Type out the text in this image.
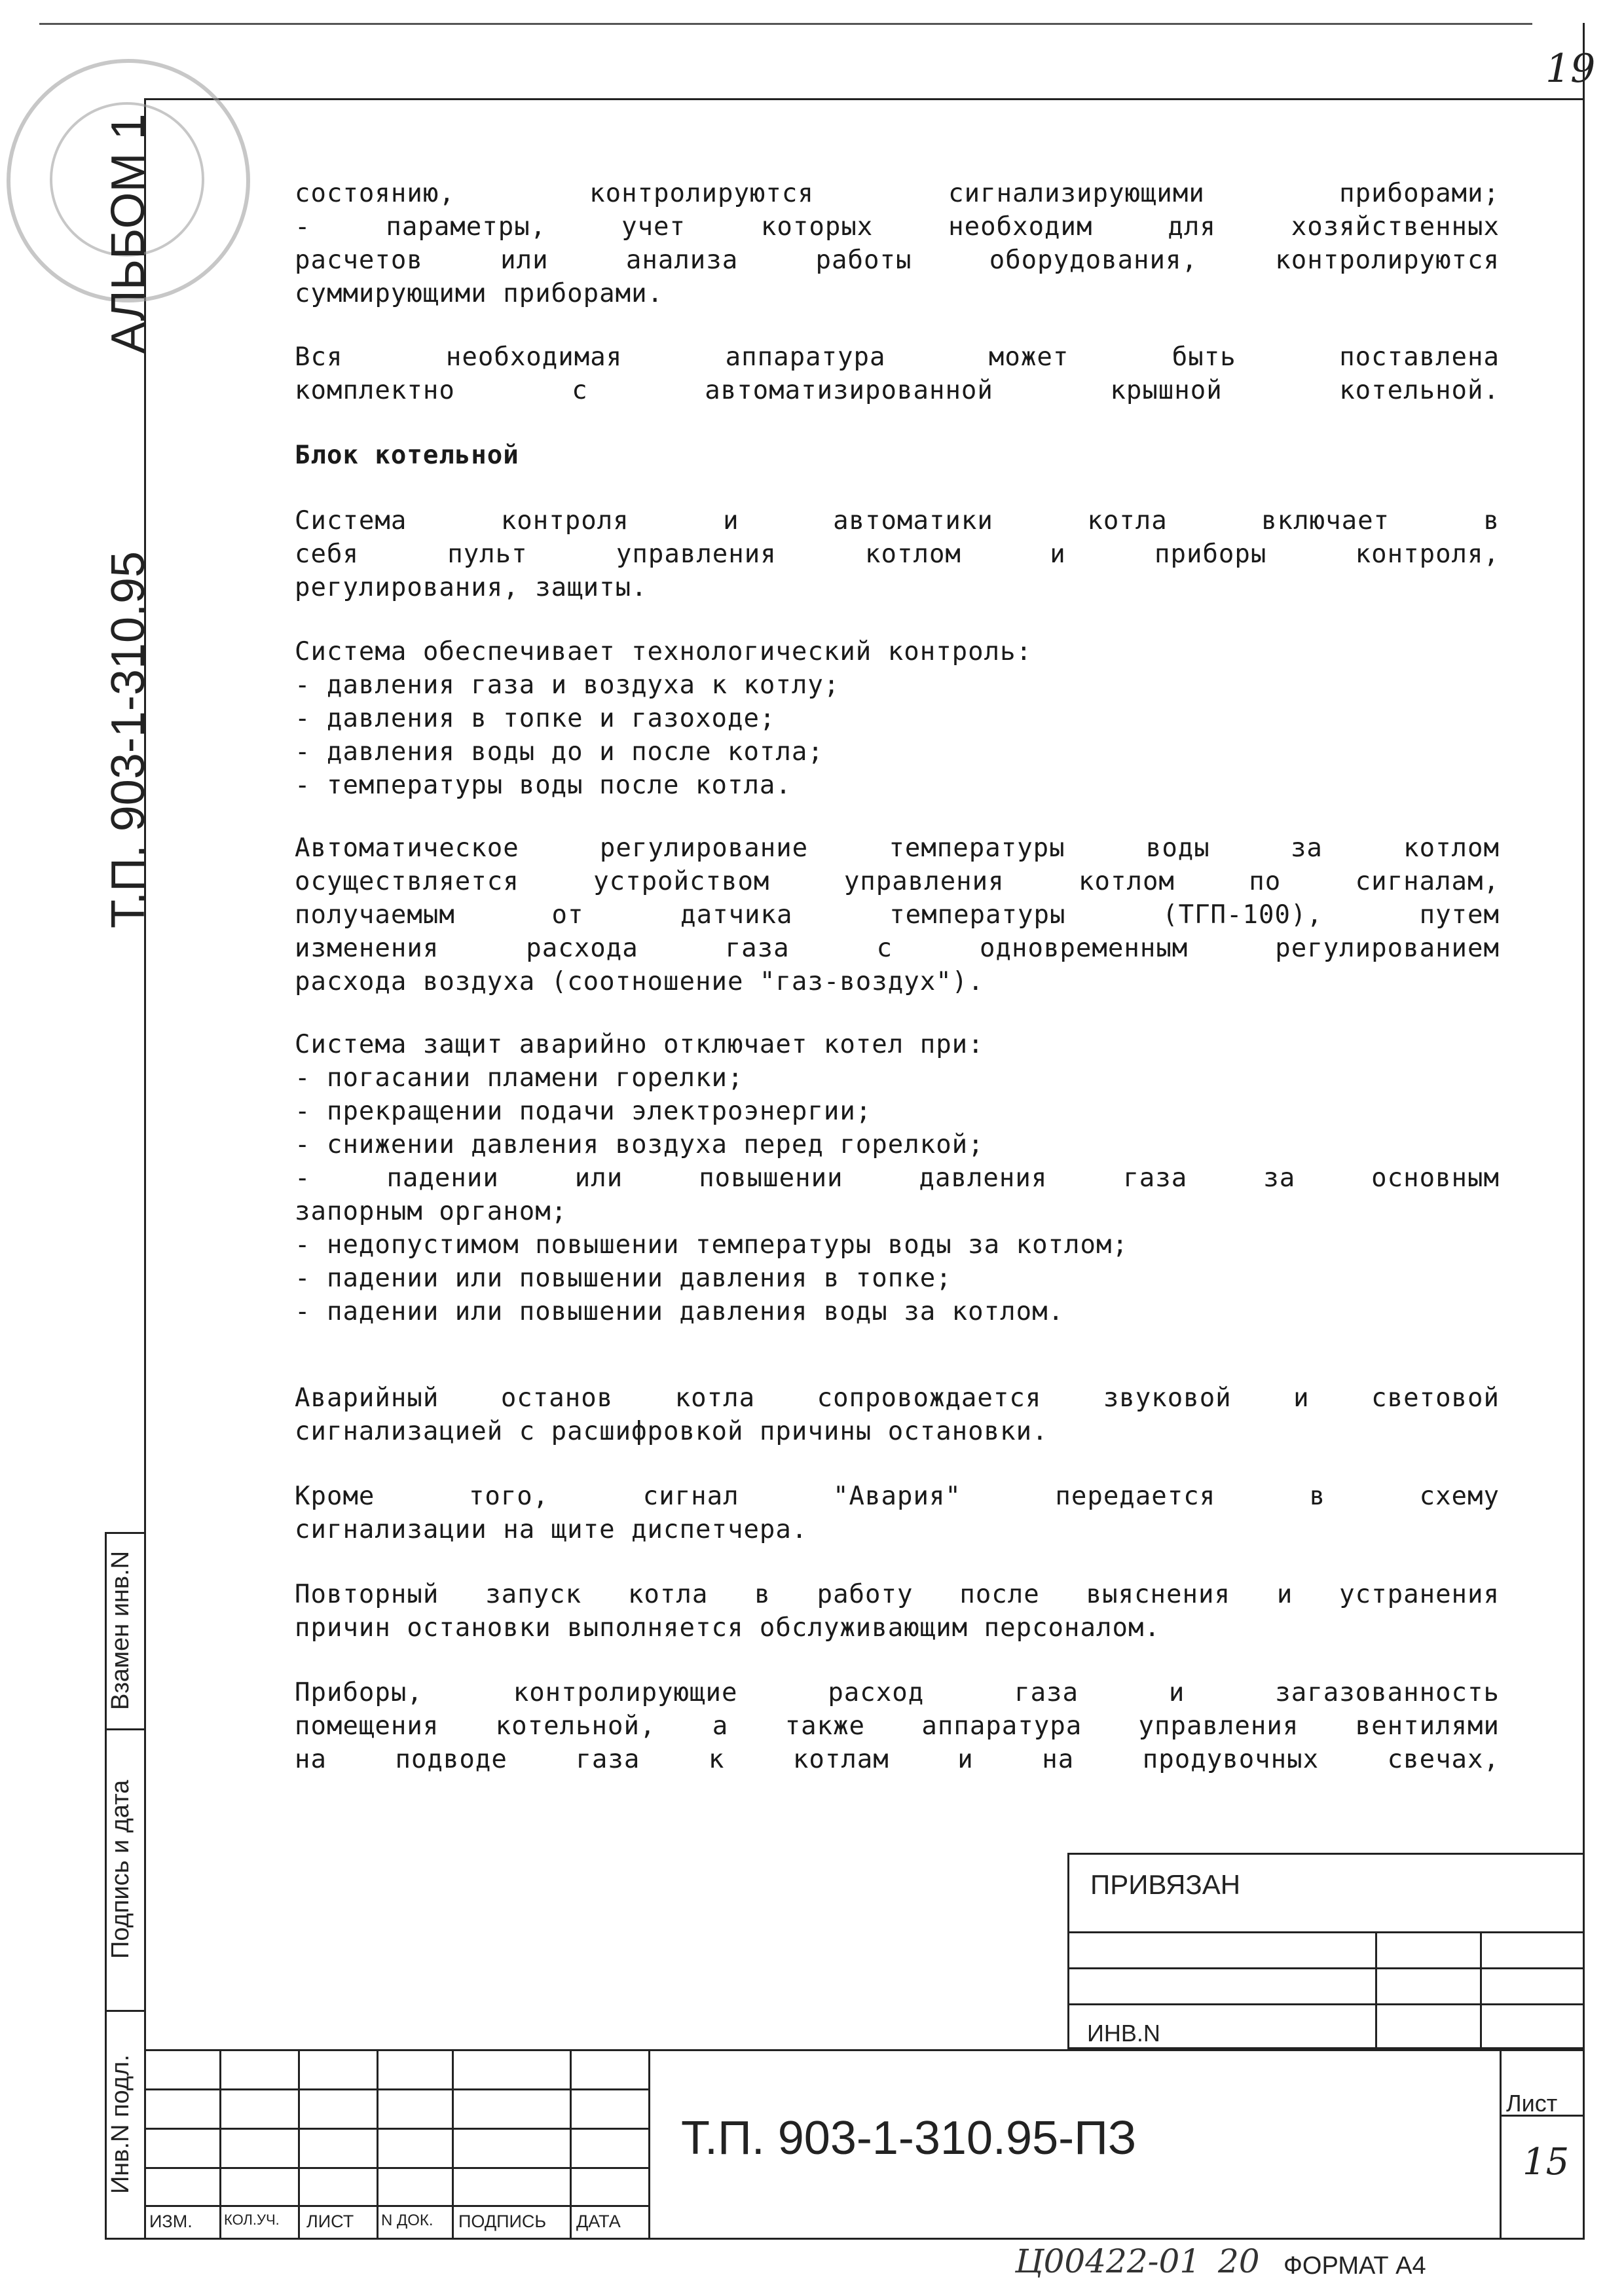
19
АЛЬБОМ 1
Т.П. 903-1-310.95
Взамен инв.N
Подпись и дата
Инв.N подл.
состоянию, контролируются сигнализирующими приборами;
- параметры, учет которых необходим для хозяйственных
расчетов или анализа работы оборудования, контролируются
суммирующими приборами.
Вся необходимая аппаратура может быть поставлена
комплектно с автоматизированной крышной котельной.
Блок котельной
Система контроля и автоматики котла включает в
себя пульт управления котлом и приборы контроля,
регулирования, защиты.
Система обеспечивает технологический контроль:
- давления газа и воздуха к котлу;
- давления в топке и газоходе;
- давления воды до и после котла;
- температуры воды после котла.
Автоматическое регулирование температуры воды за котлом
осуществляется устройством управления котлом по сигналам,
получаемым от датчика температуры (ТГП-100), путем
изменения расхода газа с одновременным регулированием
расхода воздуха (соотношение "газ-воздух").
Система защит аварийно отключает котел при:
- погасании пламени горелки;
- прекращении подачи электроэнергии;
- снижении давления воздуха перед горелкой;
- падении или повышении давления газа за основным
запорным органом;
- недопустимом повышении температуры воды за котлом;
- падении или повышении давления в топке;
- падении или повышении давления воды за котлом.
Аварийный останов котла сопровождается звуковой и световой
сигнализацией с расшифровкой причины остановки.
Кроме того, сигнал "Авария" передается в схему
сигнализации на щите диспетчера.
Повторный запуск котла в работу после выяснения и устранения
причин остановки выполняется обслуживающим персоналом.
Приборы, контролирующие расход газа и загазованность
помещения котельной, а также аппаратура управления вентилями
на подводе газа к котлам и на продувочных свечах,
ПРИВЯЗАН
ИНВ.N
ИЗМ. КОЛ.УЧ. ЛИСТ N ДОК. ПОДПИСЬ ДАТА
Т.П. 903-1-310.95-ПЗ
Лист
15
Ц00422-01 20 ФОРМАТ А4
